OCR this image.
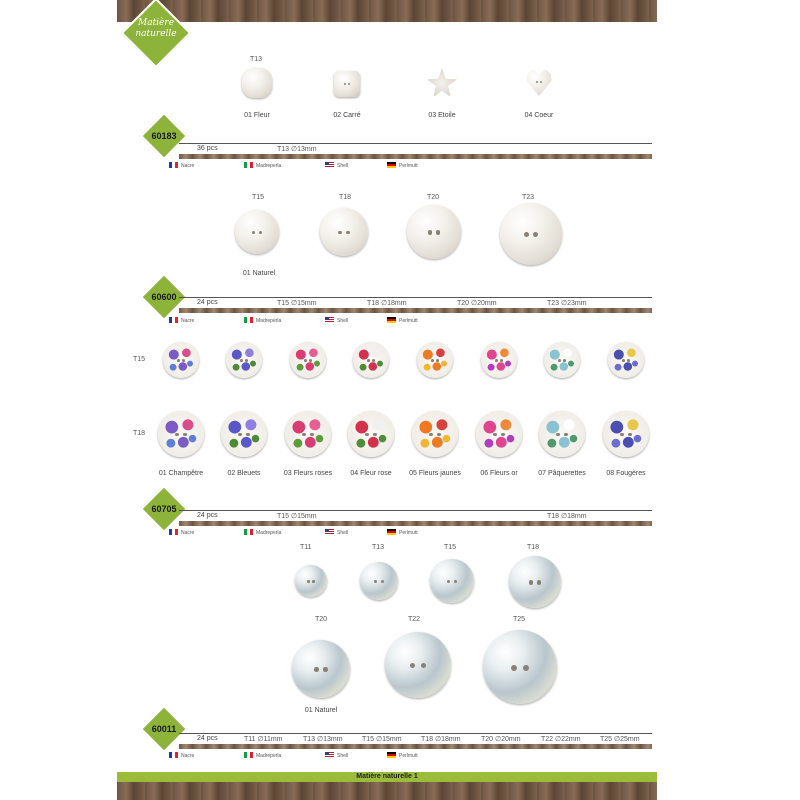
Matière naturelle
T13
01 Fleur	02 Carré	03 Etoile	04 Coeur
60183
36 pcs	T13 ∅13mm
Nacre	Madreperla	Shell	Perlmutt
T15	T18	T20	T23
01 Naturel
60600
24 pcs	T15 ∅15mm	T18 ∅18mm	T20 ∅20mm	T23 ∅23mm
Nacre	Madreperla	Shell	Perlmutt
T15
T18
01 Champêtre	02 Bleuets	03 Fleurs roses	04 Fleur rose	05 Fleurs jaunes	06 Fleurs or	07 Pâquerettes	08 Fougères
60705
24 pcs	T15 ∅15mm	T18 ∅18mm
Nacre	Madreperla	Shell	Perlmutt
T11	T13	T15	T18
T20	T22	T25
01 Naturel
60011
24 pcs	T11 ∅11mm	T13 ∅13mm	T15 ∅15mm	T18 ∅18mm	T20 ∅20mm	T22 ∅22mm	T25 ∅25mm
Nacre	Madreperla	Shell	Perlmutt
Matière naturelle 1
